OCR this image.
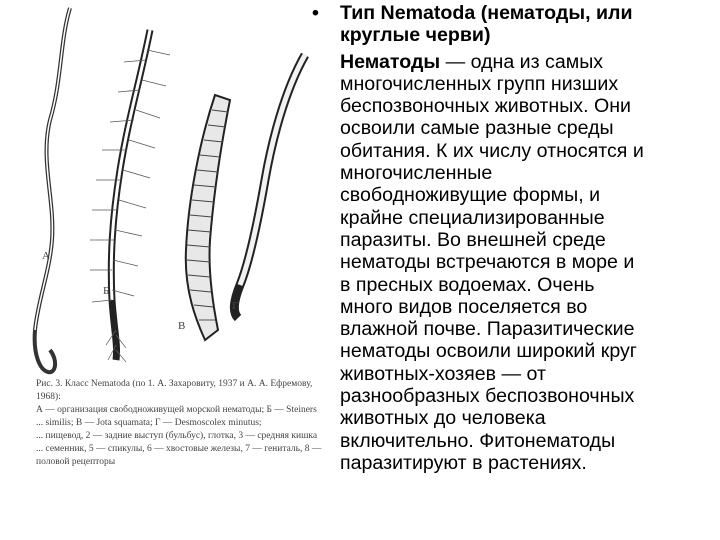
А
Б
В
Г
Рис. 3. Класс Nematoda (по 1. А. Захаровиту, 1937 и А. А. Ефремову,
1968):
А — организация свободноживущей морской нематоды; Б — Steiners
... similis; В — Jota squamata; Г — Desmoscolex minutus;
... пищевод, 2 — задние выступ (бульбус), глотка, 3 — средняя кишка
... семенник, 5 — спикулы, 6 — хвостовые железы, 7 — гениталь, 8 —
половой рецепторы
• Тип Nematoda (нематоды, или
круглые черви)
Нематоды — одна из самых
многочисленных групп низших
беспозвоночных животных. Они
освоили самые разные среды
обитания. К их числу относятся и
многочисленные
свободноживущие формы, и
крайне специализированные
паразиты. Во внешней среде
нематоды встречаются в море и
в пресных водоемах. Очень
много видов поселяется во
влажной почве. Паразитические
нематоды освоили широкий круг
животных-хозяев — от
разнообразных беспозвоночных
животных до человека
включительно. Фитонематоды
паразитируют в растениях.
